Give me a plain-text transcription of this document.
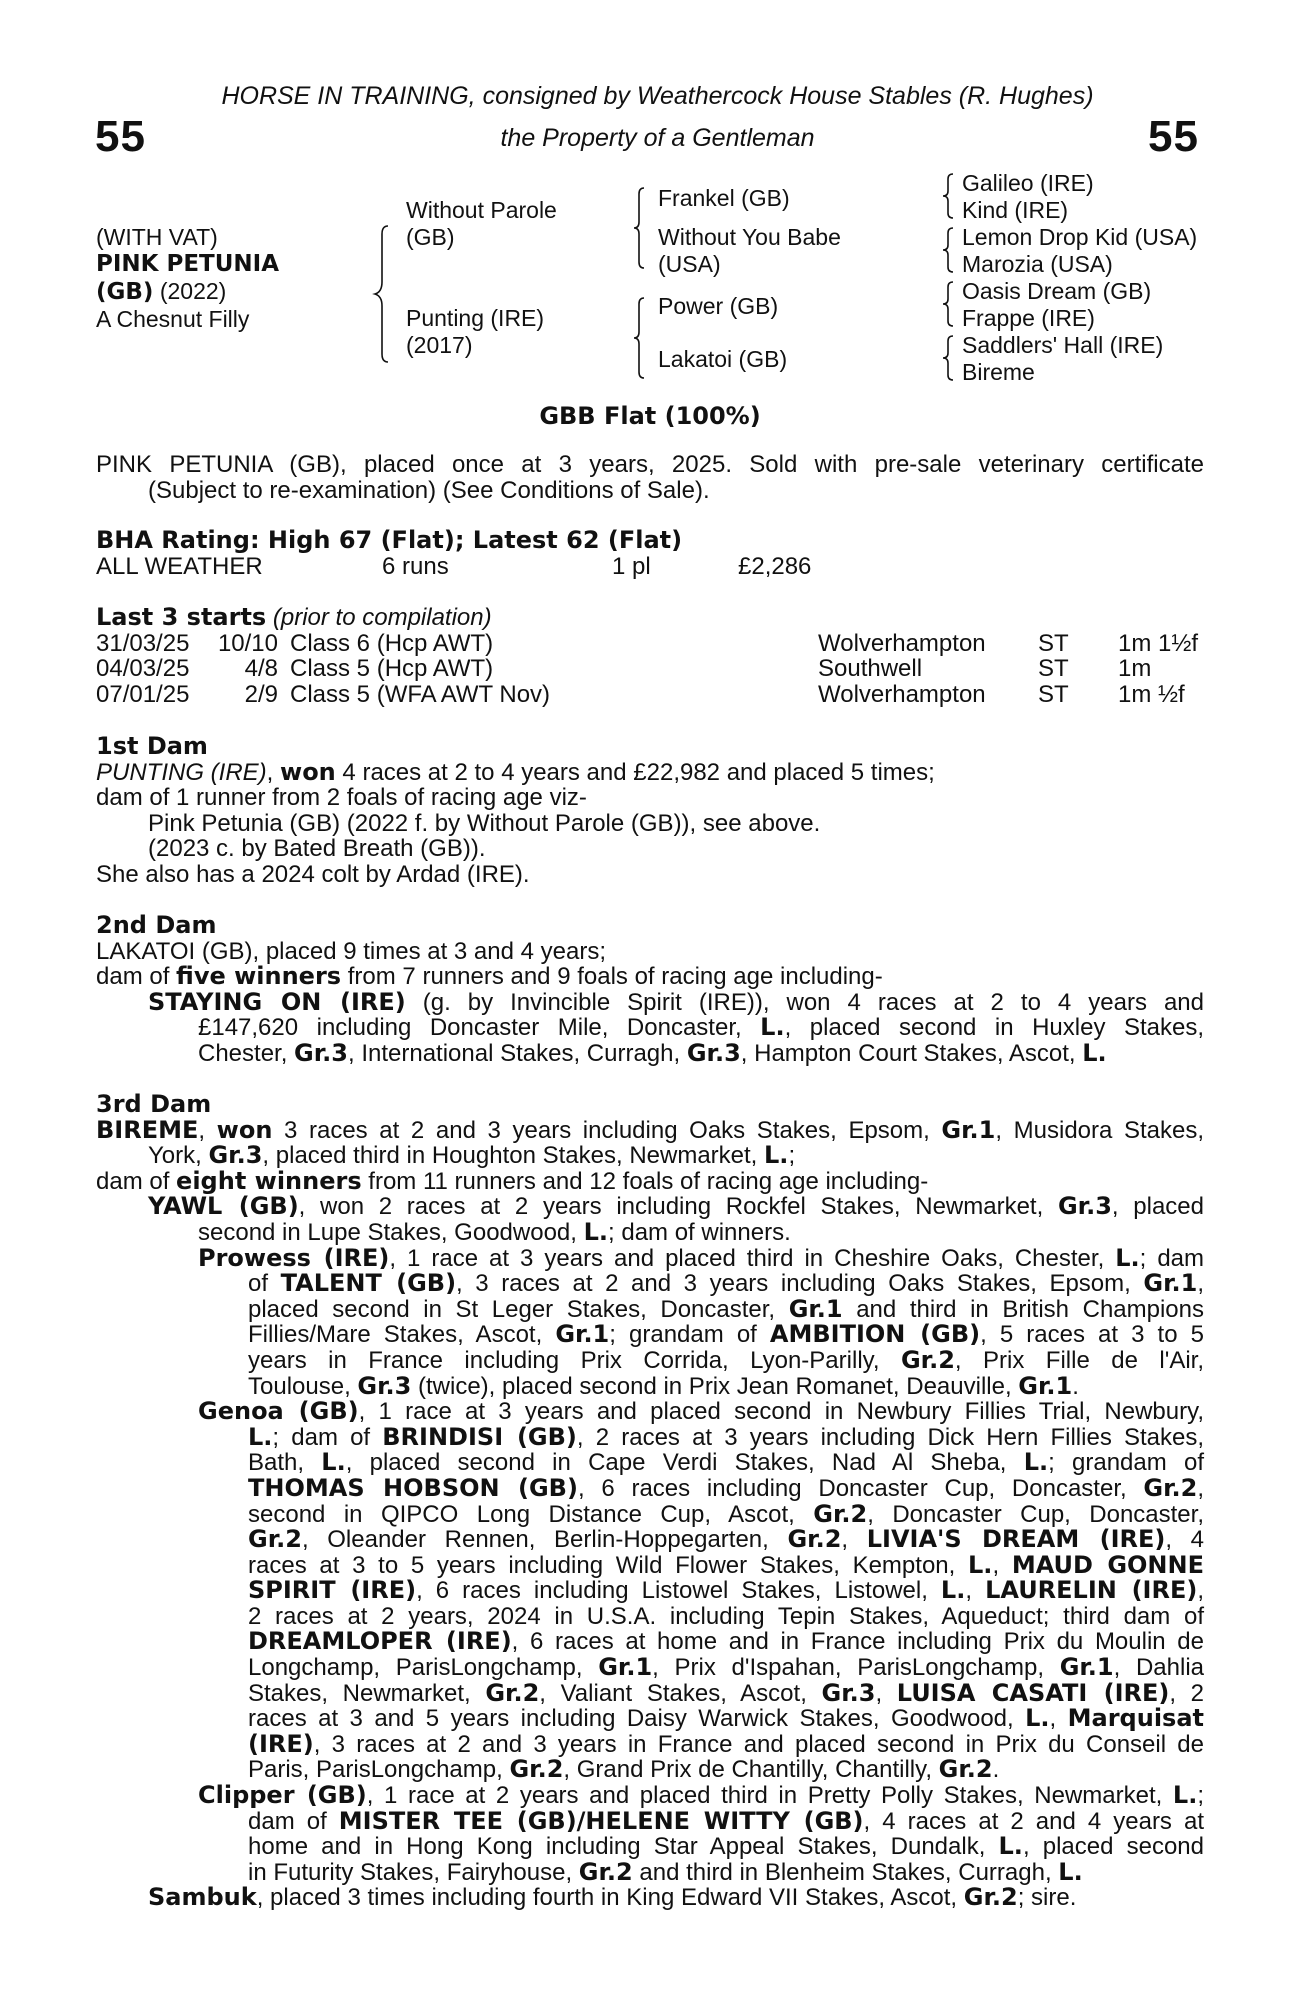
55	55
HORSE IN TRAINING, consigned by Weathercock House Stables (R. Hughes)
the Property of a Gentleman
(WITH VAT)
PINK PETUNIA
(GB) (2022)
A Chesnut Filly
Without Parole
(GB)
Punting (IRE)
(2017)
Frankel (GB)
Without You Babe
(USA)
Power (GB)
Lakatoi (GB)
Galileo (IRE)
Kind (IRE)
Lemon Drop Kid (USA)
Marozia (USA)
Oasis Dream (GB)
Frappe (IRE)
Saddlers' Hall (IRE)
Bireme
GBB Flat (100%)

PINK PETUNIA (GB), placed once at 3 years, 2025. Sold with pre-sale veterinary certificate

(Subject to re-examination) (See Conditions of Sale).

BHA Rating: High 67 (Flat); Latest 62 (Flat)

ALL WEATHER	6 runs	1 pl	£2,286

Last 3 starts (prior to compilation)

31/03/25	10/10 Class 6 (Hcp AWT)	Wolverhampton ST 1m 1½f
04/03/25	4/8 Class 5 (Hcp AWT)	Southwell	ST 1m
07/01/25	2/9 Class 5 (WFA AWT Nov)	Wolverhampton ST 1m ½f

1st Dam

PUNTING (IRE), won 4 races at 2 to 4 years and £22,982 and placed 5 times;

dam of 1 runner from 2 foals of racing age viz-

Pink Petunia (GB) (2022 f. by Without Parole (GB)), see above.

(2023 c. by Bated Breath (GB)).

She also has a 2024 colt by Ardad (IRE).

2nd Dam

LAKATOI (GB), placed 9 times at 3 and 4 years;

dam of five winners from 7 runners and 9 foals of racing age including-

STAYING ON (IRE) (g. by Invincible Spirit (IRE)), won 4 races at 2 to 4 years and

£147,620 including Doncaster Mile, Doncaster, L., placed second in Huxley Stakes,

Chester, Gr.3, International Stakes, Curragh, Gr.3, Hampton Court Stakes, Ascot, L.

3rd Dam

BIREME, won 3 races at 2 and 3 years including Oaks Stakes, Epsom, Gr.1, Musidora Stakes,

York, Gr.3, placed third in Houghton Stakes, Newmarket, L.;

dam of eight winners from 11 runners and 12 foals of racing age including-

YAWL (GB), won 2 races at 2 years including Rockfel Stakes, Newmarket, Gr.3, placed

second in Lupe Stakes, Goodwood, L.; dam of winners.

Prowess (IRE), 1 race at 3 years and placed third in Cheshire Oaks, Chester, L.; dam

of TALENT (GB), 3 races at 2 and 3 years including Oaks Stakes, Epsom, Gr.1,

placed second in St Leger Stakes, Doncaster, Gr.1 and third in British Champions

Fillies/Mare Stakes, Ascot, Gr.1; grandam of AMBITION (GB), 5 races at 3 to 5

years in France including Prix Corrida, Lyon-Parilly, Gr.2, Prix Fille de l'Air,

Toulouse, Gr.3 (twice), placed second in Prix Jean Romanet, Deauville, Gr.1.

Genoa (GB), 1 race at 3 years and placed second in Newbury Fillies Trial, Newbury,

L.; dam of BRINDISI (GB), 2 races at 3 years including Dick Hern Fillies Stakes,

Bath, L., placed second in Cape Verdi Stakes, Nad Al Sheba, L.; grandam of

THOMAS HOBSON (GB), 6 races including Doncaster Cup, Doncaster, Gr.2,

second in QIPCO Long Distance Cup, Ascot, Gr.2, Doncaster Cup, Doncaster,

Gr.2, Oleander Rennen, Berlin-Hoppegarten, Gr.2, LIVIA'S DREAM (IRE), 4

races at 3 to 5 years including Wild Flower Stakes, Kempton, L., MAUD GONNE

SPIRIT (IRE), 6 races including Listowel Stakes, Listowel, L., LAURELIN (IRE),

2 races at 2 years, 2024 in U.S.A. including Tepin Stakes, Aqueduct; third dam of

DREAMLOPER (IRE), 6 races at home and in France including Prix du Moulin de

Longchamp, ParisLongchamp, Gr.1, Prix d'Ispahan, ParisLongchamp, Gr.1, Dahlia

Stakes, Newmarket, Gr.2, Valiant Stakes, Ascot, Gr.3, LUISA CASATI (IRE), 2

races at 3 and 5 years including Daisy Warwick Stakes, Goodwood, L., Marquisat

(IRE), 3 races at 2 and 3 years in France and placed second in Prix du Conseil de

Paris, ParisLongchamp, Gr.2, Grand Prix de Chantilly, Chantilly, Gr.2.

Clipper (GB), 1 race at 2 years and placed third in Pretty Polly Stakes, Newmarket, L.;

dam of MISTER TEE (GB)/HELENE WITTY (GB), 4 races at 2 and 4 years at

home and in Hong Kong including Star Appeal Stakes, Dundalk, L., placed second

in Futurity Stakes, Fairyhouse, Gr.2 and third in Blenheim Stakes, Curragh, L.

Sambuk, placed 3 times including fourth in King Edward VII Stakes, Ascot, Gr.2; sire.
